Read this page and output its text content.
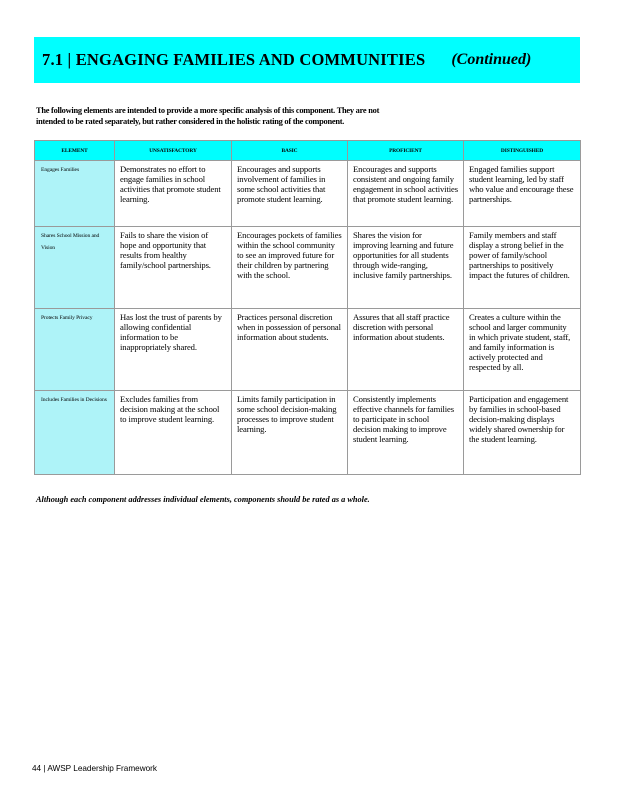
7.1 | ENGAGING FAMILIES AND COMMUNITIES (Continued)
The following elements are intended to provide a more specific analysis of this component. They are not
intended to be rated separately, but rather considered in the holistic rating of the component.
ELEMENT	UNSATISFACTORY	BASIC	PROFICIENT	DISTINGUISHED
Engages Families	Demonstrates no effort to engage families in school activities that promote student learning.	Encourages and supports involvement of families in some school activities that promote student learning.	Encourages and supports consistent and ongoing family engagement in school activities that promote student learning.	Engaged families support student learning, led by staff who value and encourage these partnerships.
Shares School Mission and Vision	Fails to share the vision of hope and opportunity that results from healthy family/school partnerships.	Encourages pockets of families within the school community to see an improved future for their children by partnering with the school.	Shares the vision for improving learning and future opportunities for all students through wide-ranging, inclusive family partnerships.	Family members and staff display a strong belief in the power of family/school partnerships to positively impact the futures of children.
Protects Family Privacy	Has lost the trust of parents by allowing confidential information to be inappropriately shared.	Practices personal discretion when in possession of personal information about students.	Assures that all staff practice discretion with personal information about students.	Creates a culture within the school and larger community in which private student, staff, and family information is actively protected and respected by all.
Includes Families in Decisions	Excludes families from decision making at the school to improve student learning.	Limits family participation in some school decision-making processes to improve student learning.	Consistently implements effective channels for families to participate in school decision making to improve student learning.	Participation and engagement by families in school-based decision-making displays widely shared ownership for the student learning.
Although each component addresses individual elements, components should be rated as a whole.
44 | AWSP Leadership Framework
